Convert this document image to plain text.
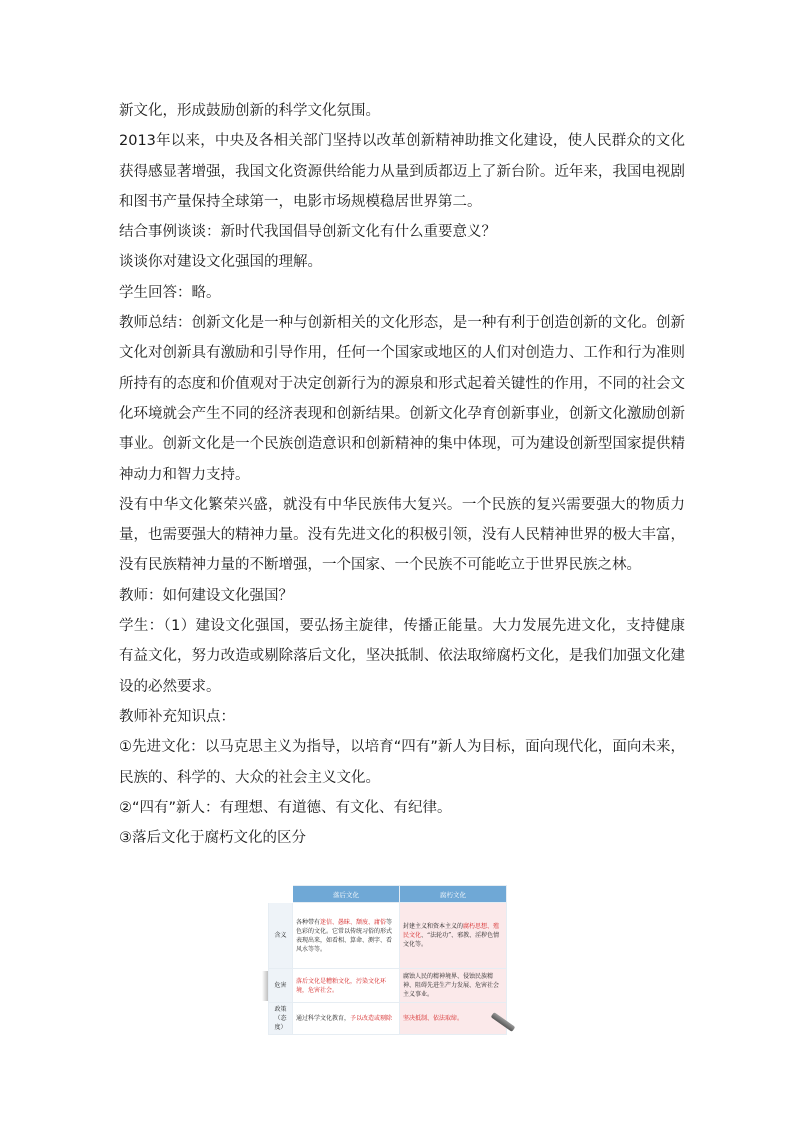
新文化，形成鼓励创新的科学文化氛围。

2013年以来，中央及各相关部门坚持以改革创新精神助推文化建设，使人民群众的文化获得感显著增强，我国文化资源供给能力从量到质都迈上了新台阶。近年来，我国电视剧和图书产量保持全球第一，电影市场规模稳居世界第二。

结合事例谈谈：新时代我国倡导创新文化有什么重要意义？

谈谈你对建设文化强国的理解。

学生回答：略。

教师总结：创新文化是一种与创新相关的文化形态，是一种有利于创造创新的文化。创新文化对创新具有激励和引导作用，任何一个国家或地区的人们对创造力、工作和行为准则所持有的态度和价值观对于决定创新行为的源泉和形式起着关键性的作用，不同的社会文化环境就会产生不同的经济表现和创新结果。创新文化孕育创新事业，创新文化激励创新事业。创新文化是一个民族创造意识和创新精神的集中体现，可为建设创新型国家提供精神动力和智力支持。

没有中华文化繁荣兴盛，就没有中华民族伟大复兴。一个民族的复兴需要强大的物质力量，也需要强大的精神力量。没有先进文化的积极引领，没有人民精神世界的极大丰富，没有民族精神力量的不断增强，一个国家、一个民族不可能屹立于世界民族之林。

教师：如何建设文化强国？

学生：（1）建设文化强国，要弘扬主旋律，传播正能量。大力发展先进文化，支持健康有益文化，努力改造或剔除落后文化，坚决抵制、依法取缔腐朽文化，是我们加强文化建设的必然要求。

教师补充知识点：

①先进文化：以马克思主义为指导，以培育“四有”新人为目标，面向现代化，面向未来，民族的、科学的、大众的社会主义文化。

②“四有”新人：有理想、有道德、有文化、有纪律。

③落后文化于腐朽文化的区分

	落后文化	腐朽文化
含义	各种带有迷信、愚昧、颓废、庸俗等色彩的文化。它常以传统习俗的形式表现出来，如看相、算命、测字、看风水等等。	封建主义和资本主义的腐朽思想、殖民文化、“法轮功”、邪教、淫秽色情文化等。
危害	落后文化是糟粕文化，污染文化环境，危害社会。	腐蚀人民的精神境界、侵蚀民族精神、阻碍先进生产力发展、危害社会主义事业。
政策（态度）	通过科学文化教育，予以改造或剔除	坚决抵制、依法取缔。
